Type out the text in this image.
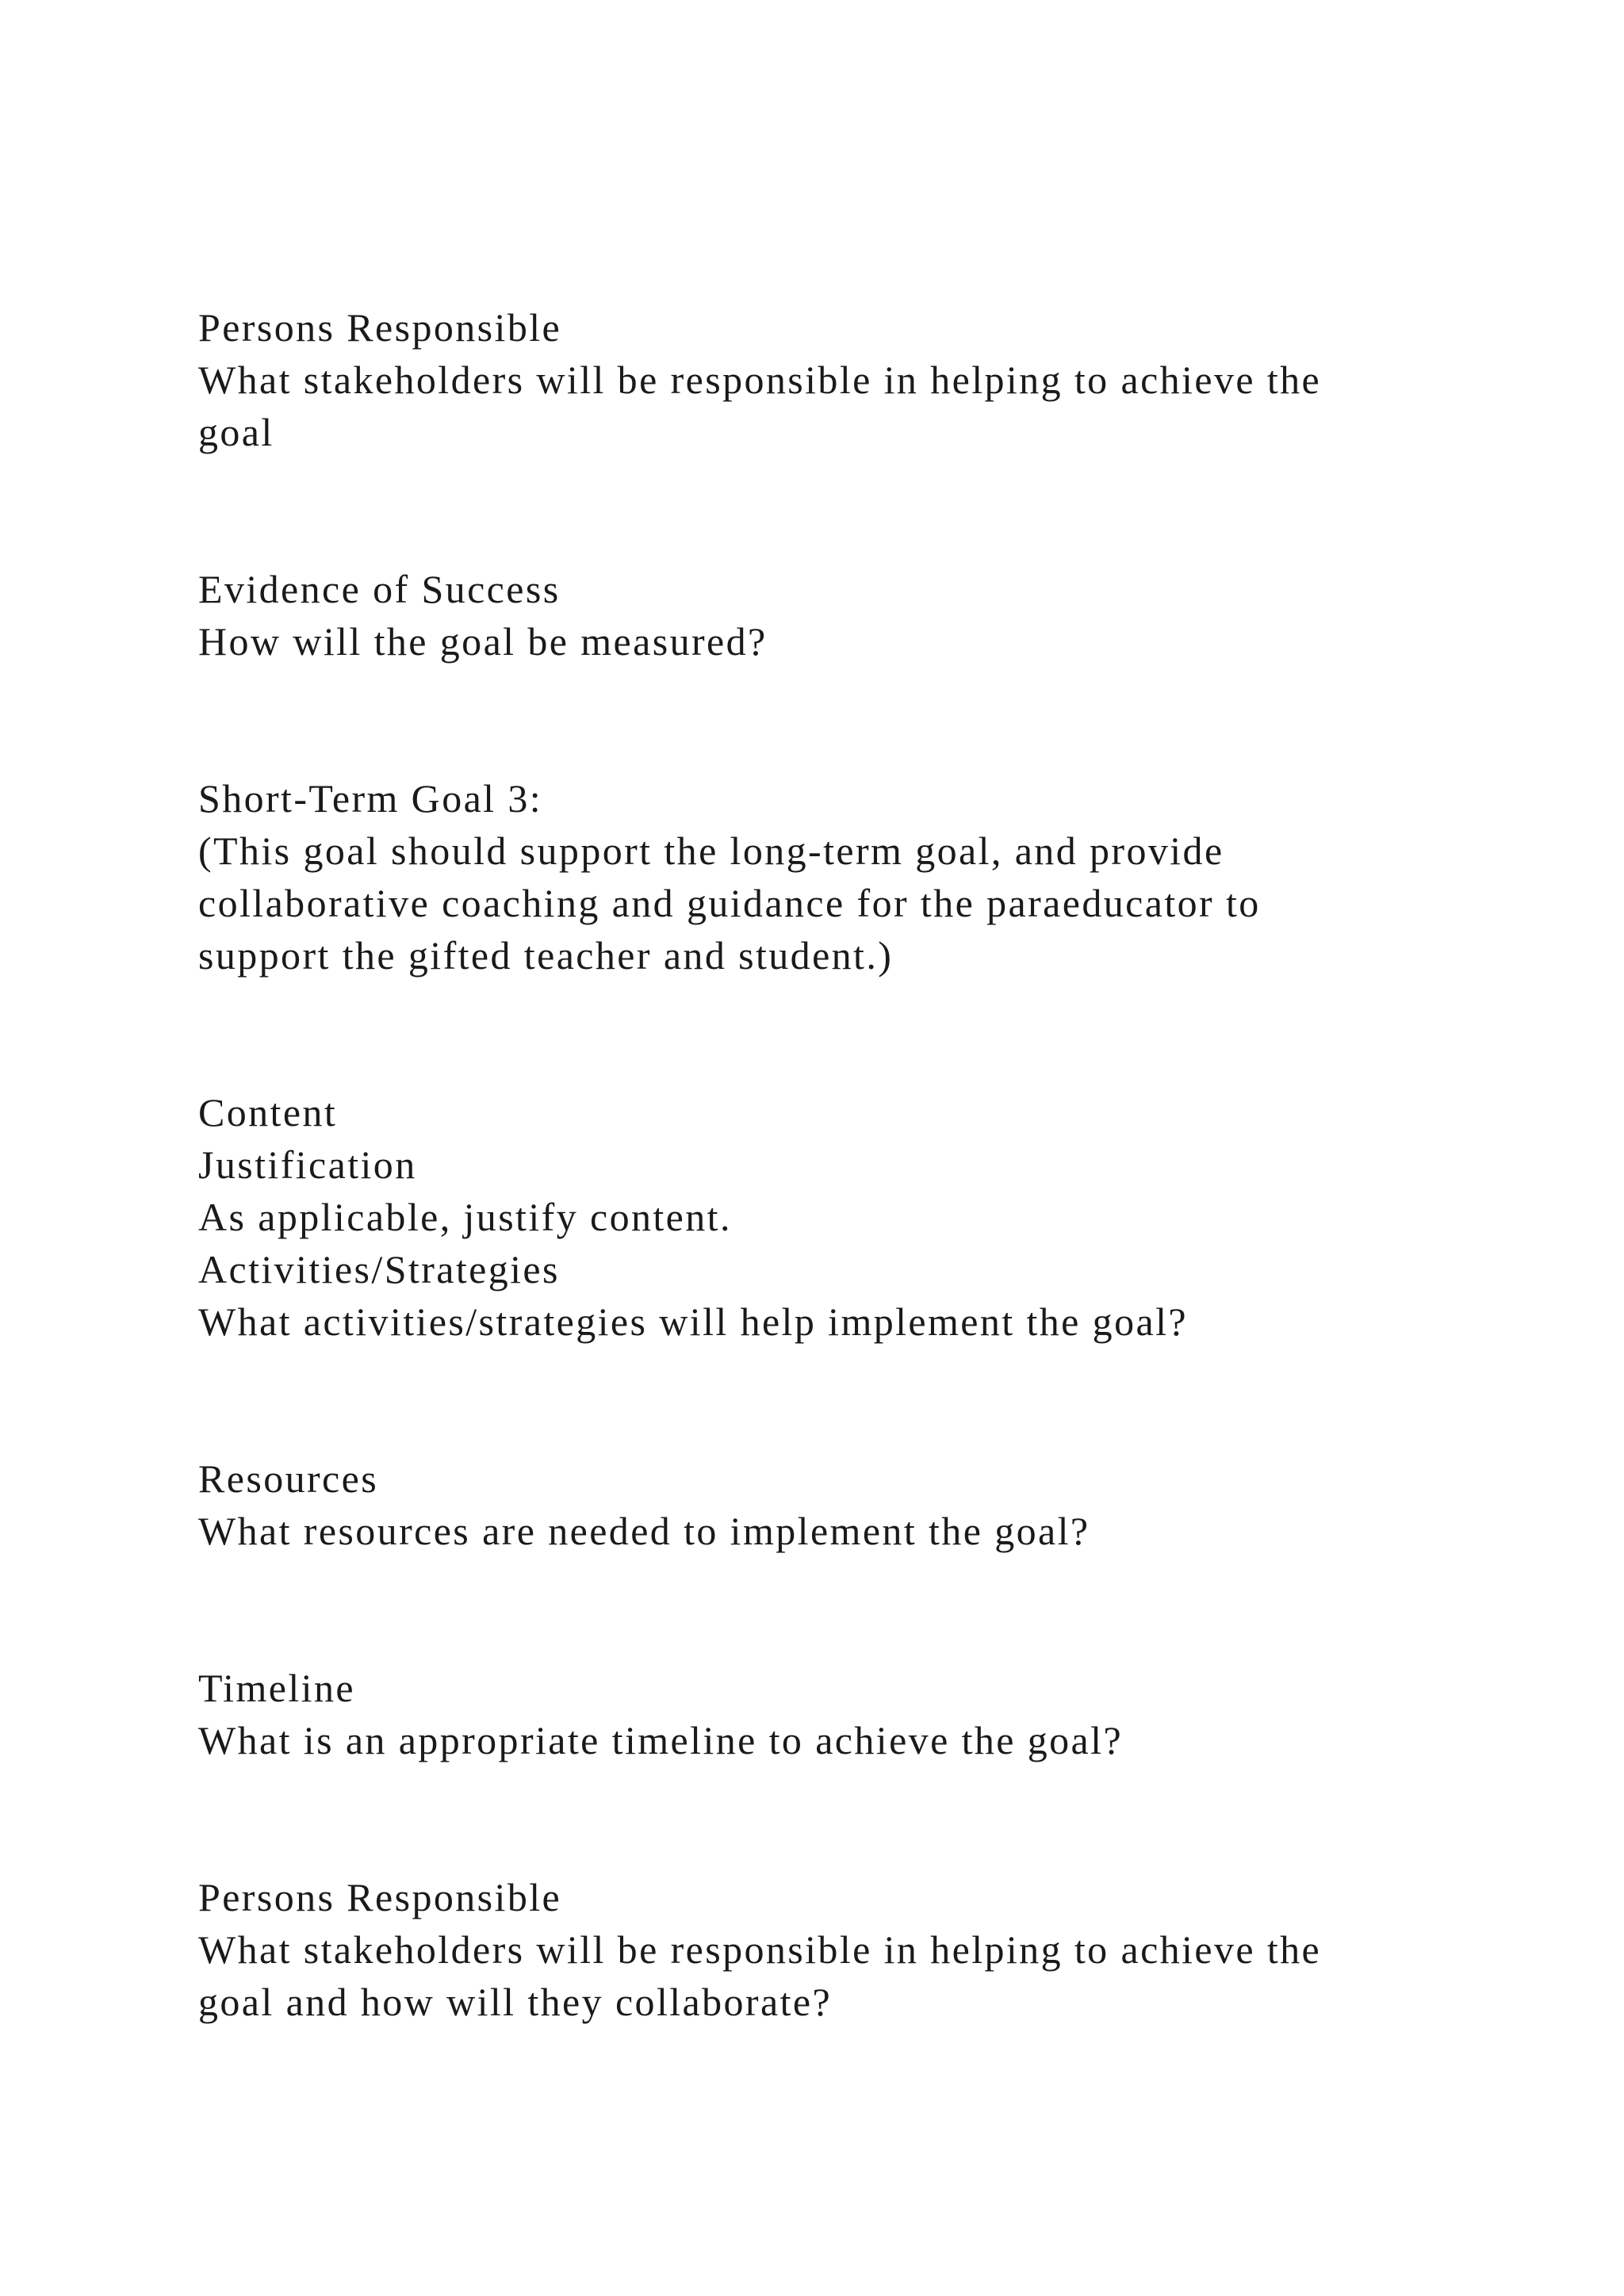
Persons Responsible

What stakeholders will be responsible in helping to achieve the

goal

Evidence of Success

How will the goal be measured?

Short-Term Goal 3:

(This goal should support the long-term goal, and provide

collaborative coaching and guidance for the paraeducator to

support the gifted teacher and student.)

Content

Justification

As applicable, justify content.

Activities/Strategies

What activities/strategies will help implement the goal?

Resources

What resources are needed to implement the goal?

Timeline

What is an appropriate timeline to achieve the goal?

Persons Responsible

What stakeholders will be responsible in helping to achieve the

goal and how will they collaborate?
